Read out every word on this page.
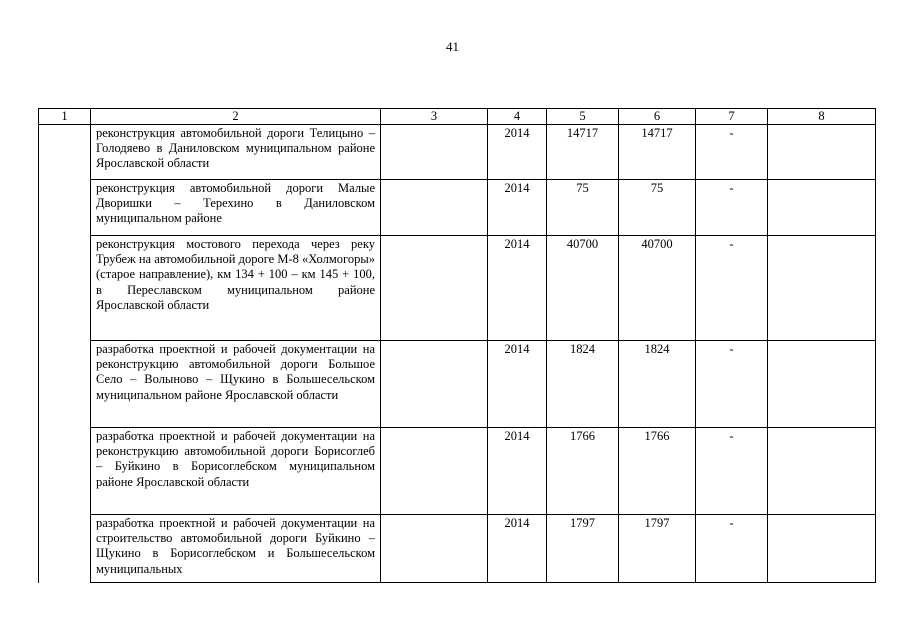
41
1	2	3	4	5	6	7	8
	реконструкция автомобильной дороги Телицыно – Голодяево в Даниловском муниципальном районе Ярославской области		2014	14717	14717	-	
	реконструкция автомобильной дороги Малые Дворишки – Терехино в Даниловском муниципальном районе		2014	75	75	-	
	реконструкция мостового перехода через реку Трубеж на автомобильной дороге М-8 «Холмогоры» (старое направление), км 134 + 100 – км 145 + 100, в Переславском муниципальном районе Ярославской области		2014	40700	40700	-	
	разработка проектной и рабочей документации на реконструкцию автомобильной дороги Большое Село – Волыново – Щукино в Большесельском муниципальном районе Ярославской области		2014	1824	1824	-	
	разработка проектной и рабочей документации на реконструкцию автомобильной дороги Борисоглеб – Буйкино в Борисоглебском муниципальном районе Ярославской области		2014	1766	1766	-	
	разработка проектной и рабочей документации на строительство автомобильной дороги Буйкино – Щукино в Борисоглебском и Большесельском муниципальных		2014	1797	1797	-	
